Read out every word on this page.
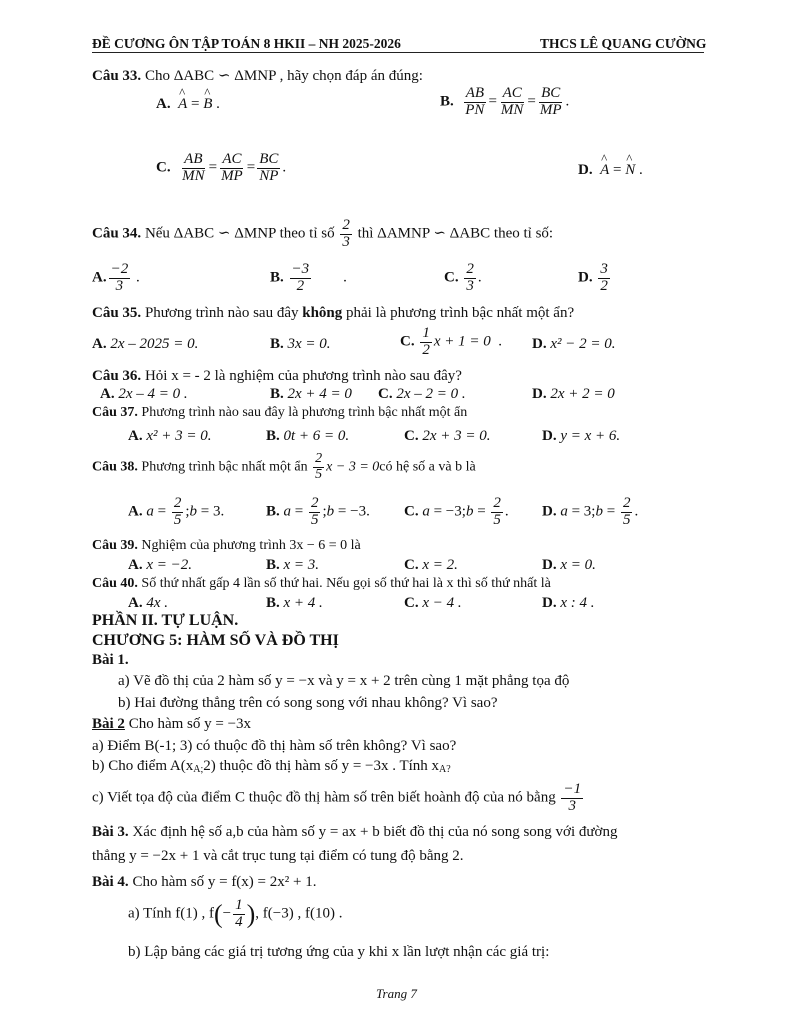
ĐỀ CƯƠNG ÔN TẬP TOÁN 8 HKII – NH 2025-2026	THCS LÊ QUANG CƯỜNG
Câu 33. Cho ΔABC ∽ ΔMNP , hãy chọn đáp án đúng:
A. ^ A = ^ B .	B. $\frac{AB}{PN} = \frac{AC}{MN} = \frac{BC}{MP}$ .
C. $\frac{AB}{MN} = \frac{AC}{MP} = \frac{BC}{NP}$ .	D. ^ A = ^ N .
Câu 34. Nếu ΔABC ∽ ΔMNP theo tỉ số $\frac{2}{3}$ thì ΔAMNP ∽ ΔABC theo tỉ số:
A. $\frac{-2}{3}$ .	B. $\frac{-3}{2}$ .	C. $\frac{2}{3}$ .	D. $\frac{3}{2}$
Câu 35. Phương trình nào sau đây không phải là phương trình bậc nhất một ẩn?
A. 2x – 2025 = 0.	B. 3x = 0.	C. $\frac{1}{2}$ x + 1 = 0  . D. x² − 2 = 0.
Câu 36. Hỏi x = - 2 là nghiệm của phương trình nào sau đây?
A. 2x – 4 = 0 .	B. 2x + 4 = 0 C. 2x – 2 = 0 .	D. 2x + 2 = 0
Câu 37. Phương trình nào sau đây là phương trình bậc nhất một ẩn
A. x² + 3 = 0.	B. 0t + 6 = 0.	C. 2x + 3 = 0.	D. y = x + 6.
Câu 38. Phương trình bậc nhất một ẩn $\frac{2}{5}$ x − 3 = 0có hệ số a và b là
A. $a = \frac{2}{5}$ ;b = 3.	B. $a = \frac{2}{5}$ ;b = −3. C. a = −3;b = $\frac{2}{5}$ . D. a = 3;b = $\frac{2}{5}$ .
Câu 39. Nghiệm của phương trình 3x − 6 = 0 là
A. x = −2.	B. x = 3.	C. x = 2.	D. x = 0.
Câu 40. Số thứ nhất gấp 4 lần số thứ hai. Nếu gọi số thứ hai là x thì số thứ nhất là
A. 4x .	B. x + 4 .	C. x − 4 .	D. x : 4 .
PHẦN II. TỰ LUẬN.
CHƯƠNG 5: HÀM SỐ VÀ ĐỒ THỊ
Bài 1.
a) Vẽ đồ thị của 2 hàm số y = −x và y = x + 2 trên cùng 1 mặt phẳng tọa độ
b) Hai đường thẳng trên có song song với nhau không? Vì sao?
Bài 2 Cho hàm số y = −3x
a) Điểm B(-1; 3) có thuộc đồ thị hàm số trên không? Vì sao?
b) Cho điểm $A(x_{A;}2)$ thuộc đồ thị hàm số y = −3x . Tính $x_{A?}$
c) Viết tọa độ của điểm C thuộc đồ thị hàm số trên biết hoành độ của nó bằng $\frac{-1}{3}$
Bài 3. Xác định hệ số a,b của hàm số y = ax + b biết đồ thị của nó song song với đường
thẳng y = −2x + 1 và cắt trục tung tại điểm có tung độ bằng 2.
Bài 4. Cho hàm số y = f(x) = 2x² + 1.
a) Tính f(1) , $f(- \frac{1}{4}$ ), f(−3) , f(10) .
b) Lập bảng các giá trị tương ứng của y khi x lần lượt nhận các giá trị:
Trang 7
